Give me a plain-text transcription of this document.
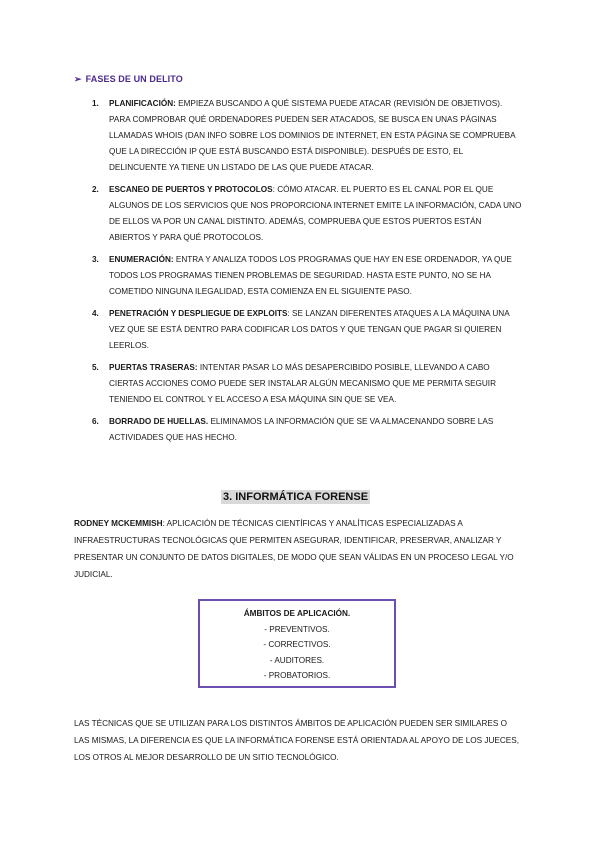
➢ FASES DE UN DELITO
1. PLANIFICACIÓN: EMPIEZA BUSCANDO A QUÉ SISTEMA PUEDE ATACAR (REVISIÓN DE OBJETIVOS). PARA COMPROBAR QUÉ ORDENADORES PUEDEN SER ATACADOS, SE BUSCA EN UNAS PÁGINAS LLAMADAS WHOIS (DAN INFO SOBRE LOS DOMINIOS DE INTERNET, EN ESTA PÁGINA SE COMPRUEBA QUE LA DIRECCIÓN IP QUE ESTÁ BUSCANDO ESTÁ DISPONIBLE). DESPUÉS DE ESTO, EL DELINCUENTE YA TIENE UN LISTADO DE LAS QUE PUEDE ATACAR.
2. ESCANEO DE PUERTOS Y PROTOCOLOS: CÓMO ATACAR. EL PUERTO ES EL CANAL POR EL QUE ALGUNOS DE LOS SERVICIOS QUE NOS PROPORCIONA INTERNET EMITE LA INFORMACIÓN, CADA UNO DE ELLOS VA POR UN CANAL DISTINTO. ADEMÁS, COMPRUEBA QUE ESTOS PUERTOS ESTÁN ABIERTOS Y PARA QUÉ PROTOCOLOS.
3. ENUMERACIÓN: ENTRA Y ANALIZA TODOS LOS PROGRAMAS QUE HAY EN ESE ORDENADOR, YA QUE TODOS LOS PROGRAMAS TIENEN PROBLEMAS DE SEGURIDAD. HASTA ESTE PUNTO, NO SE HA COMETIDO NINGUNA ILEGALIDAD, ESTA COMIENZA EN EL SIGUIENTE PASO.
4. PENETRACIÓN Y DESPLIEGUE DE EXPLOITS: SE LANZAN DIFERENTES ATAQUES A LA MÁQUINA UNA VEZ QUE SE ESTÁ DENTRO PARA CODIFICAR LOS DATOS Y QUE TENGAN QUE PAGAR SI QUIEREN LEERLOS.
5. PUERTAS TRASERAS: INTENTAR PASAR LO MÁS DESAPERCIBIDO POSIBLE, LLEVANDO A CABO CIERTAS ACCIONES COMO PUEDE SER INSTALAR ALGÚN MECANISMO QUE ME PERMITA SEGUIR TENIENDO EL CONTROL Y EL ACCESO A ESA MÁQUINA SIN QUE SE VEA.
6. BORRADO DE HUELLAS. ELIMINAMOS LA INFORMACIÓN QUE SE VA ALMACENANDO SOBRE LAS ACTIVIDADES QUE HAS HECHO.
3. INFORMÁTICA FORENSE
RODNEY MCKEMMISH: APLICACIÓN DE TÉCNICAS CIENTÍFICAS Y ANALÍTICAS ESPECIALIZADAS A INFRAESTRUCTURAS TECNOLÓGICAS QUE PERMITEN ASEGURAR, IDENTIFICAR, PRESERVAR, ANALIZAR Y PRESENTAR UN CONJUNTO DE DATOS DIGITALES, DE MODO QUE SEAN VÁLIDAS EN UN PROCESO LEGAL Y/O JUDICIAL.
ÁMBITOS DE APLICACIÓN.
- PREVENTIVOS.
- CORRECTIVOS.
- AUDITORES.
- PROBATORIOS.
LAS TÉCNICAS QUE SE UTILIZAN PARA LOS DISTINTOS ÁMBITOS DE APLICACIÓN PUEDEN SER SIMILARES O LAS MISMAS, LA DIFERENCIA ES QUE LA INFORMÁTICA FORENSE ESTÁ ORIENTADA AL APOYO DE LOS JUECES, LOS OTROS AL MEJOR DESARROLLO DE UN SITIO TECNOLÓGICO.
